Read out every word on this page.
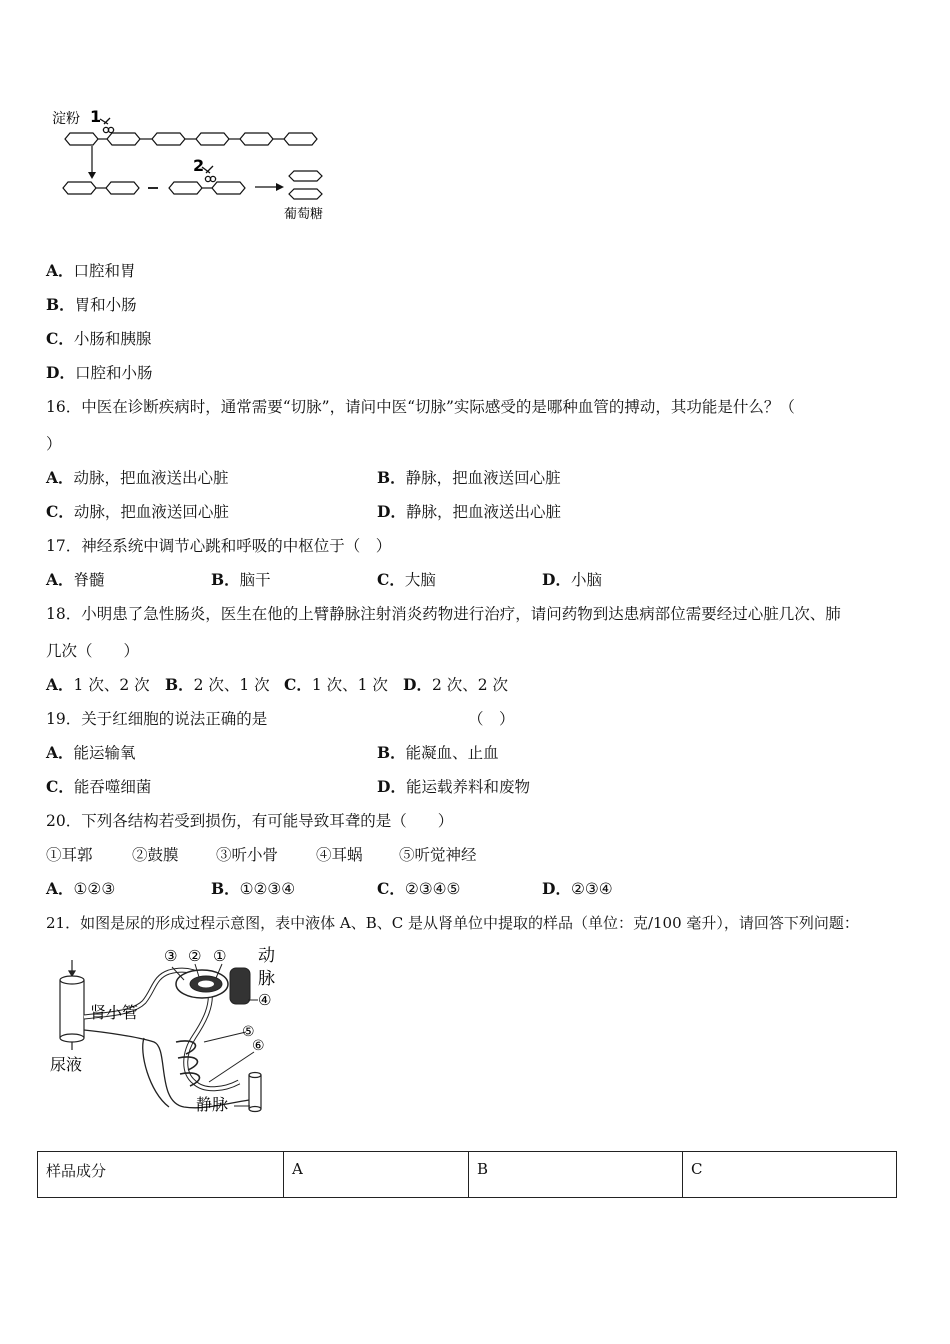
淀粉 1
2
葡萄糖
A．口腔和胃
B．胃和小肠
C．小肠和胰腺
D．口腔和小肠
16．中医在诊断疾病时，通常需要“切脉”，请问中医“切脉”实际感受的是哪种血管的搏动，其功能是什么？（
）
A．动脉，把血液送出心脏	B．静脉，把血液送回心脏
C．动脉，把血液送回心脏	D．静脉，把血液送出心脏
17．神经系统中调节心跳和呼吸的中枢位于（　）
A．脊髓	B．脑干	C．大脑	D．小脑
18．小明患了急性肠炎，医生在他的上臂静脉注射消炎药物进行治疗，请问药物到达患病部位需要经过心脏几次、肺
几次（　　）
A．1 次、2 次 B．2 次、1 次 C．1 次、1 次 D．2 次、2 次
19．关于红细胞的说法正确的是	（　）
A．能运输氧	B．能凝血、止血
C．能吞噬细菌	D．能运载养料和废物
20．下列各结构若受到损伤，有可能导致耳聋的是（　　）
①耳郭	②鼓膜 ③听小骨 ④耳蜗 ⑤听觉神经
A．①②③	B．①②③④	C．②③④⑤	D．②③④
21．如图是尿的形成过程示意图，表中液体 A、B、C 是从肾单位中提取的样品（单位：克/100 毫升），请回答下列问题：
③ ② ① 动
脉
④
⑤
⑥
肾小管
尿液
静脉
样品成分	A	B	C
